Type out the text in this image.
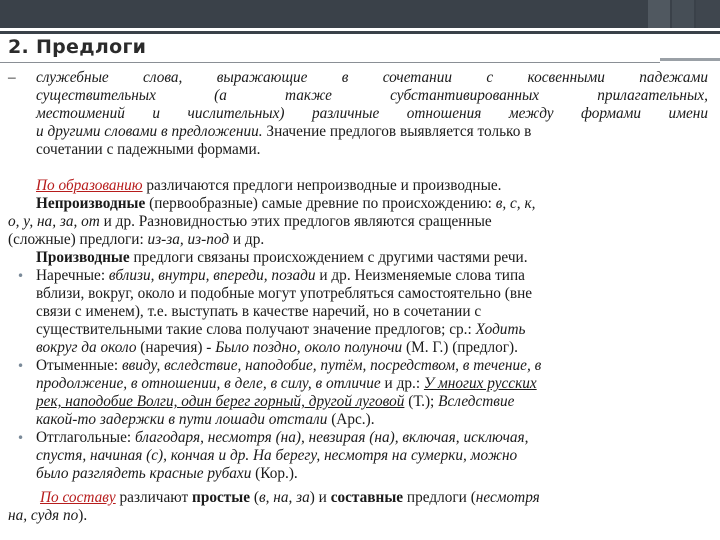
2. Предлоги
– служебные слова, выражающие в сочетании с косвенными падежами
существительных (а также субстантивированных прилагательных,
местоимений и числительных) различные отношения между формами имени
и другими словами в предложении. Значение предлогов выявляется только в
сочетании с падежными формами.
По образованию различаются предлоги непроизводные и производные.
Непроизводные (первообразные) самые древние по происхождению: в, с, к,
о, у, на, за, от и др. Разновидностью этих предлогов являются сращенные
(сложные) предлоги: из-за, из-под и др.
Производные предлоги связаны происхождением с другими частями речи.
• Наречные: вблизи, внутри, впереди, позади и др. Неизменяемые слова типа
вблизи, вокруг, около и подобные могут употребляться самостоятельно (вне
связи с именем), т.е. выступать в качестве наречий, но в сочетании с
существительными такие слова получают значение предлогов; ср.: Ходить
вокруг да около (наречия) - Было поздно, около полуночи (М. Г.) (предлог).
• Отыменные: ввиду, вследствие, наподобие, путём, посредством, в течение, в
продолжение, в отношении, в деле, в силу, в отличие и др.: У многих русских
рек, наподобие Волги, один берег горный, другой луговой (Т.); Вследствие
какой-то задержки в пути лошади отстали (Арс.).
• Отглагольные: благодаря, несмотря (на), невзирая (на), включая, исключая,
спустя, начиная (с), кончая и др. На берегу, несмотря на сумерки, можно
было разглядеть красные рубахи (Кор.).
По составу различают простые (в, на, за) и составные предлоги (несмотря
на, судя по).
